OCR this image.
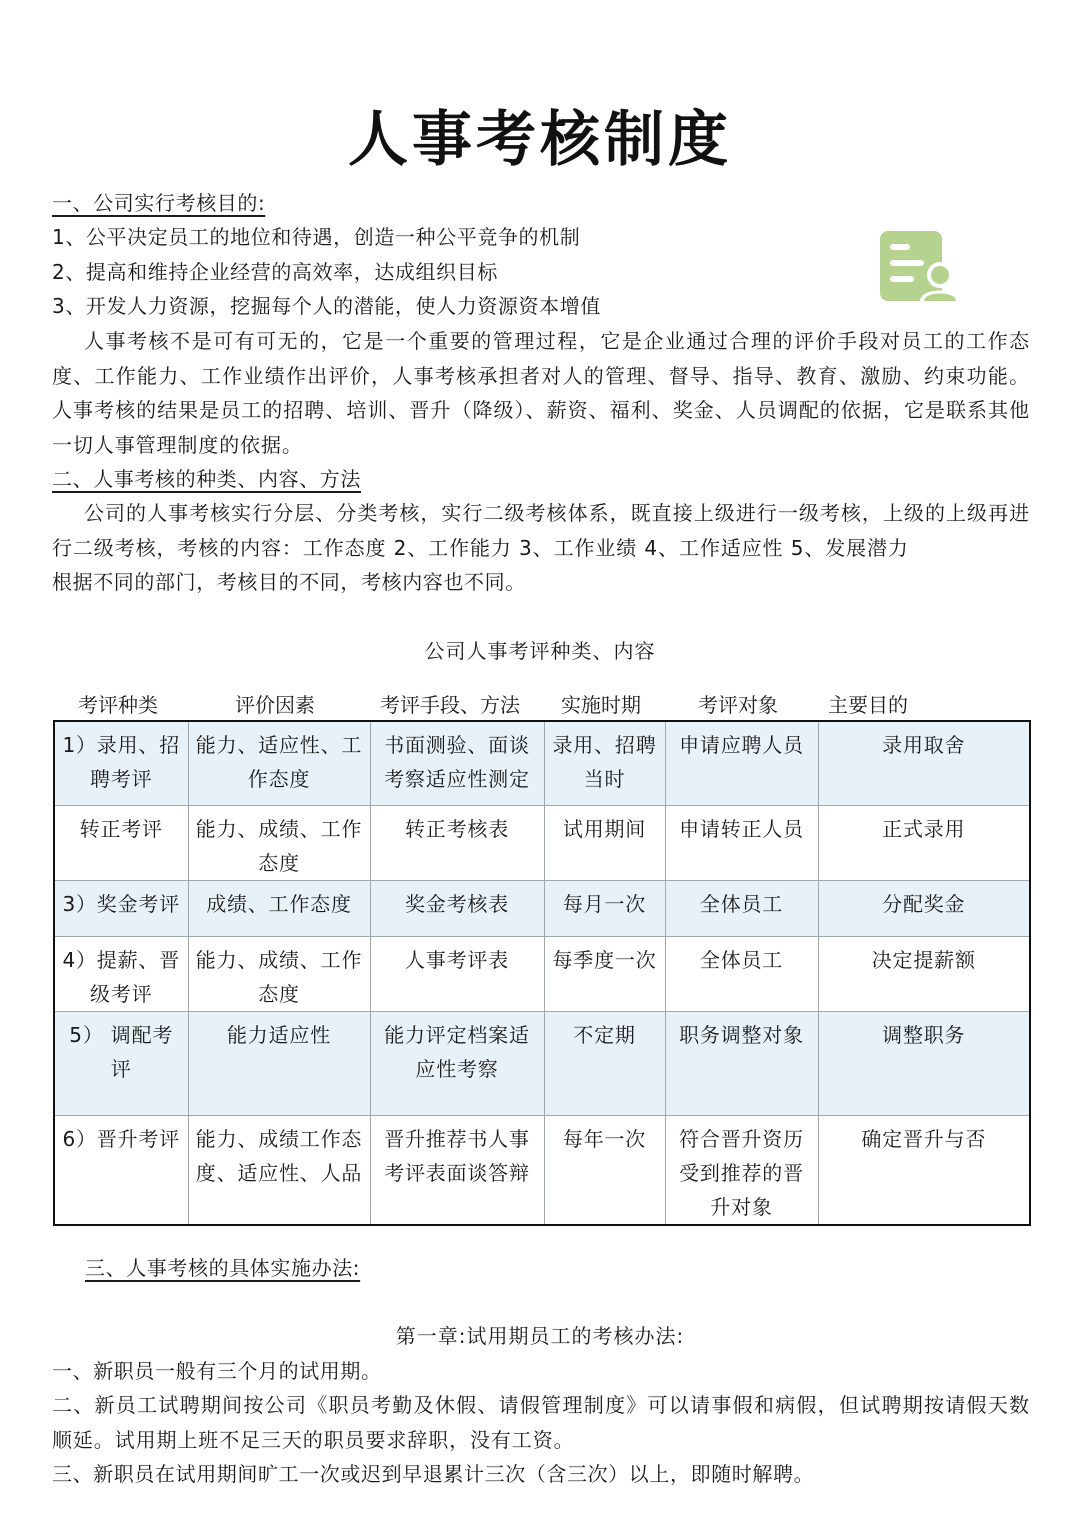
人事考核制度
一、公司实行考核目的:
1、公平决定员工的地位和待遇，创造一种公平竞争的机制
2、提高和维持企业经营的高效率，达成组织目标
3、开发人力资源，挖掘每个人的潜能，使人力资源资本增值
人事考核不是可有可无的，它是一个重要的管理过程，它是企业通过合理的评价手段对员工的工作态度、工作能力、工作业绩作出评价，人事考核承担者对人的管理、督导、指导、教育、激励、约束功能。人事考核的结果是员工的招聘、培训、晋升（降级）、薪资、福利、奖金、人员调配的依据，它是联系其他一切人事管理制度的依据。
二、人事考核的种类、内容、方法
公司的人事考核实行分层、分类考核，实行二级考核体系，既直接上级进行一级考核，上级的上级再进行二级考核，考核的内容：工作态度 2、工作能力 3、工作业绩 4、工作适应性 5、发展潜力
根据不同的部门，考核目的不同，考核内容也不同。
公司人事考评种类、内容
考评种类	评价因素	考评手段、方法 实施时期	考评对象	主要目的
1）录用、招聘考评	能力、适应性、工作态度	书面测验、面谈考察适应性测定	录用、招聘当时	申请应聘人员	录用取舍
转正考评	能力、成绩、工作态度	转正考核表	试用期间	申请转正人员	正式录用
3）奖金考评	成绩、工作态度	奖金考核表	每月一次	全体员工	分配奖金
4）提薪、晋级考评	能力、成绩、工作态度	人事考评表	每季度一次	全体员工	决定提薪额
5） 调配考评	能力适应性	能力评定档案适应性考察	不定期	职务调整对象	调整职务
6）晋升考评	能力、成绩工作态度、适应性、人品	晋升推荐书人事考评表面谈答辩	每年一次	符合晋升资历受到推荐的晋升对象	确定晋升与否
三、人事考核的具体实施办法:
第一章:试用期员工的考核办法:
一、新职员一般有三个月的试用期。
二、新员工试聘期间按公司《职员考勤及休假、请假管理制度》可以请事假和病假，但试聘期按请假天数顺延。试用期上班不足三天的职员要求辞职，没有工资。
三、新职员在试用期间旷工一次或迟到早退累计三次（含三次）以上，即随时解聘。
